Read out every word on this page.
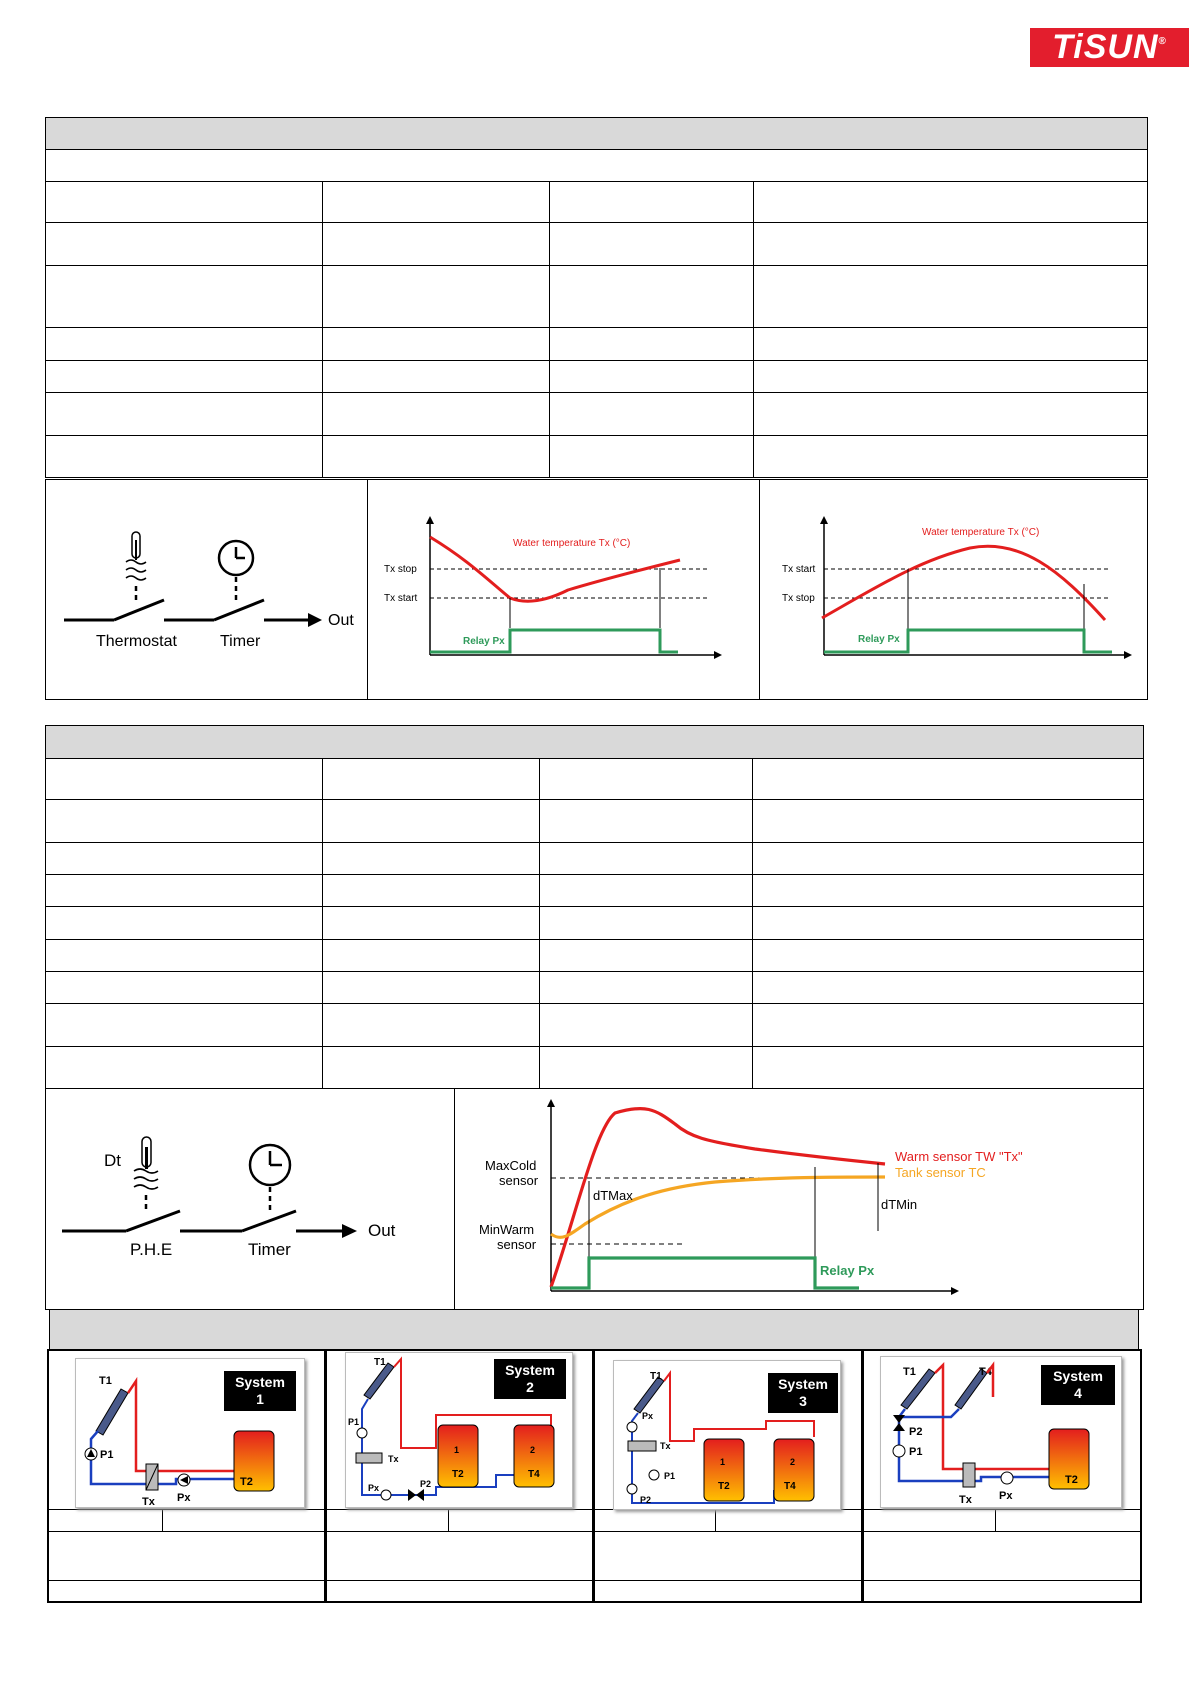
TiSUN®

Thermostat	Timer
Out
Tx stop
Tx start
Water temperature Tx (°C)
Relay Px
Tx start
Tx stop
Water temperature Tx (°C)
Relay Px

Dt
P.H.E	Timer
Out
MaxCold
sensor
MinWarm
sensor
dTMax
dTMin
Warm sensor TW "Tx"
Tank sensor TC
Relay Px
System
1
T1
P1
Tx Px
T2
System
2
T1
P1
Tx
Px	P2
1
T2
2
T4
System
3
T1
Px
Tx
P1
P2
1
T2
2
T4
System
4
T1	T4
P2
P1
Tx Px
T2
